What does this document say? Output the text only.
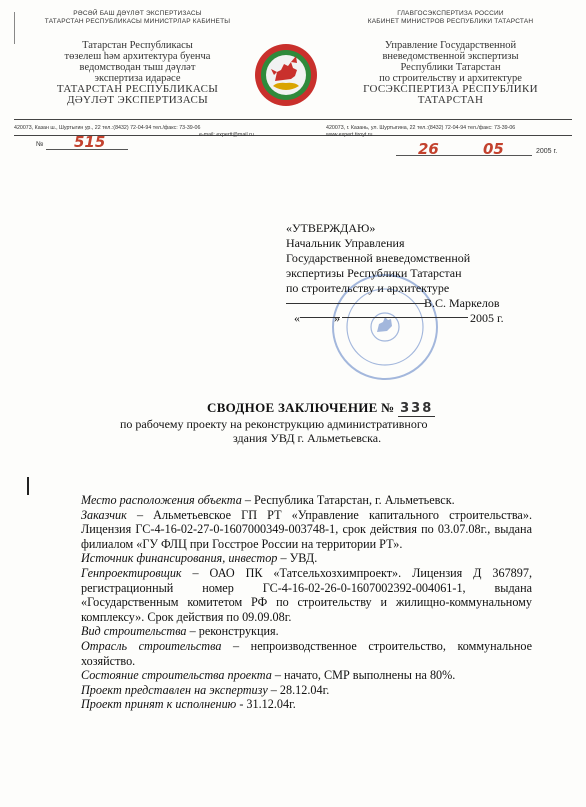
РӘСӘЙ БАШ ДӘҮЛӘТ ЭКСПЕРТИЗАСЫ
ТАТАРСТАН РЕСПУБЛИКАСЫ МИНИСТРЛАР КАБИНЕТЫ
Татарстан Республикасы
төзелеш һәм архитектура буенча
ведомстводан тыш дәүләт
экспертиза идарәсе
ТАТАРСТАН РЕСПУБЛИКАСЫ
ДӘҮЛӘТ ЭКСПЕРТИЗАСЫ
ГЛАВГОСЭКСПЕРТИЗА РОССИИ
КАБИНЕТ МИНИСТРОВ РЕСПУБЛИКИ ТАТАРСТАН
Управление Государственной
вневедомственной экспертизы
Республики Татарстан
по строительству и архитектуре
ГОСЭКСПЕРТИЗА РЕСПУБЛИКИ
ТАТАРСТАН
420073, Казан ш., Шуртыгин ур., 22 тел.:(8432) 72-04-94 тел./факс: 73-39-06
e-mail: expertt@mail.ru
420073, г. Казань, ул. Шуртыгина, 22 тел.:(8432) 72-04-94 тел./факс: 73-39-06
www.expert.tiroyt.ru
№ 515	26	05	2005 г.
«УТВЕРЖДАЮ»
Начальник Управления
Государственной вневедомственной
экспертизы Республики Татарстан
по строительству и архитектуре
В.С. Маркелов
«	»	2005 г.
СВОДНОЕ ЗАКЛЮЧЕНИЕ № 338
по рабочему проекту на реконструкцию административного
здания УВД г. Альметьевска.

Место расположения объекта – Республика Татарстан, г. Альметьевск.

Заказчик – Альметьевское ГП РТ «Управление капитального строительства». Лицензия ГС-4-16-02-27-0-1607000349-003748-1, срок действия по 03.07.08г., выдана филиалом «ГУ ФЛЦ при Госстрое России на территории РТ».

Источник финансирования, инвестор – УВД.

Генпроектировщик – ОАО ПК «Татсельхозхимпроект». Лицензия Д 367897, регистрационный номер ГС-4-16-02-26-0-1607002392-004061-1, выдана «Государственным комитетом РФ по строительству и жилищно-коммунальному комплексу». Срок действия по 09.09.08г.

Вид строительства – реконструкция.

Отрасль строительства – непроизводственное строительство, коммунальное хозяйство.

Состояние строительства проекта – начато, СМР выполнены на 80%.

Проект представлен на экспертизу – 28.12.04г.

Проект принят к исполнению - 31.12.04г.
